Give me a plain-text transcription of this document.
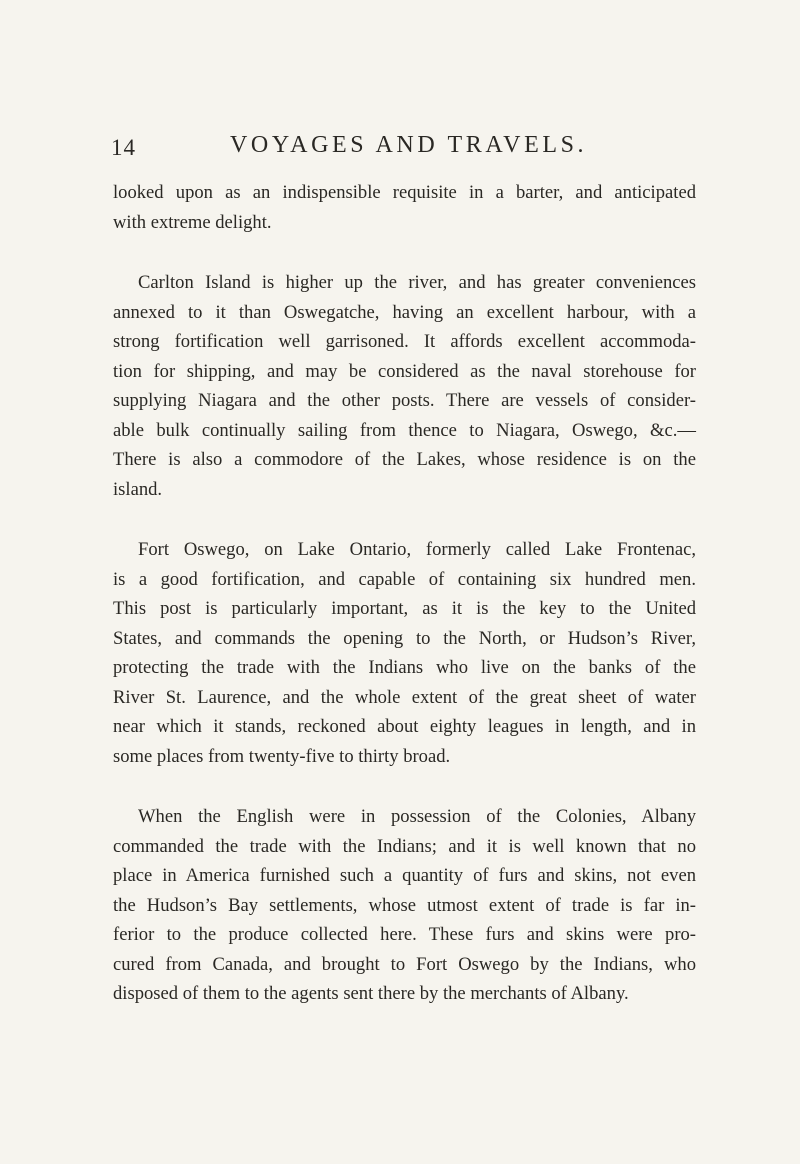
14	VOYAGES AND TRAVELS.
looked upon as an indispensible requisite in a barter, and anticipated
with extreme delight.
Carlton Island is higher up the river, and has greater conveniences
annexed to it than Oswegatche, having an excellent harbour, with a
strong fortification well garrisoned. It affords excellent accommoda-
tion for shipping, and may be considered as the naval storehouse for
supplying Niagara and the other posts. There are vessels of consider-
able bulk continually sailing from thence to Niagara, Oswego, &c.—
There is also a commodore of the Lakes, whose residence is on the
island.
Fort Oswego, on Lake Ontario, formerly called Lake Frontenac,
is a good fortification, and capable of containing six hundred men.
This post is particularly important, as it is the key to the United
States, and commands the opening to the North, or Hudson’s River,
protecting the trade with the Indians who live on the banks of the
River St. Laurence, and the whole extent of the great sheet of water
near which it stands, reckoned about eighty leagues in length, and in
some places from twenty-five to thirty broad.
When the English were in possession of the Colonies, Albany
commanded the trade with the Indians; and it is well known that no
place in America furnished such a quantity of furs and skins, not even
the Hudson’s Bay settlements, whose utmost extent of trade is far in-
ferior to the produce collected here. These furs and skins were pro-
cured from Canada, and brought to Fort Oswego by the Indians, who
disposed of them to the agents sent there by the merchants of Albany.
